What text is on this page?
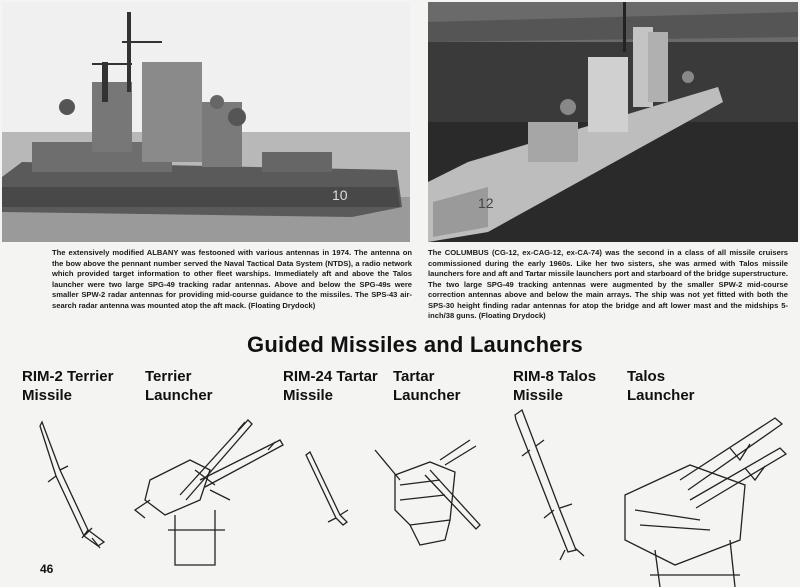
10	12

The extensively modified ALBANY was festooned with various antennas in 1974. The antenna on the bow above the pennant number served the Naval Tactical Data System (NTDS), a radio network which provided target information to other fleet warships. Immediately aft and above the Talos launcher were two large SPG-49 tracking radar antennas. Above and below the SPG-49s were smaller SPW-2 radar antennas for providing mid-course guidance to the missiles. The SPS-43 air-search radar antenna was mounted atop the aft mack. (Floating Drydock)

The COLUMBUS (CG-12, ex-CAG-12, ex-CA-74) was the second in a class of all missile cruisers commissioned during the early 1960s. Like her two sisters, she was armed with Talos missile launchers fore and aft and Tartar missile launchers port and starboard of the bridge superstructure. The two large SPG-49 tracking antennas were augmented by the smaller SPW-2 mid-course correction antennas above and below the main arrays. The ship was not yet fitted with both the SPS-30 height finding radar antennas for atop the bridge and aft lower mast and the midships 5-inch/38 guns. (Floating Drydock)

Guided Missiles and Launchers
RIM-2 Terrier
Missile
Terrier
Launcher
RIM-24 Tartar
Missile
Tartar
Launcher
RIM-8 Talos
Missile
Talos
Launcher
46
